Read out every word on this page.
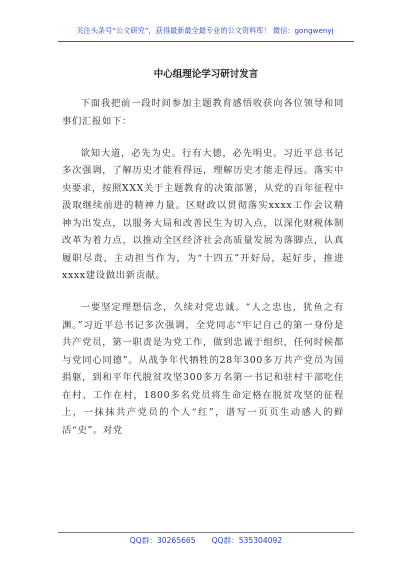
关注头条号“公文研究”，获得最新最全最专业的公文资料库！ 微信：gongwenyj
中心组理论学习研讨发言

下面我把前一段时间参加主题教育感悟收获向各位领导和同事们汇报如下：

欲知大道，必先为史。行有大德，必先明史。习近平总书记多次强调，了解历史才能看得远，理解历史才能走得远。落实中央要求，按照XXX关于主题教育的决策部署，从党的百年征程中汲取继续前进的精神力量。区财政以贯彻落实xxxx工作会议精神为出发点，以服务大局和改善民生为切入点，以深化财税体制改革为着力点，以推动全区经济社会高质量发展为落脚点，认真履职尽责，主动担当作为，为“十四五”开好局，起好步，推进xxxx建设做出新贡献。

一要坚定理想信念，久续对党忠诚。“人之忠也，犹鱼之有渊。”习近平总书记多次强调，全党同志“牢记自己的第一身份是共产党员，第一职责是为党工作，做到忠诚于组织，任何时候都与党同心同德”。从战争年代牺牲的28年300多万共产党员为国捐躯，到和平年代脱贫攻坚300多万名第一书记和驻村干部吃住在村、工作在村，1800多名党员将生命定格在脱贫攻坚的征程上，一抹抹共产党员的个人“红”，谱写一页页生动感人的鲜活“史”。对党

QQ群：30265665 QQ群：535304092
